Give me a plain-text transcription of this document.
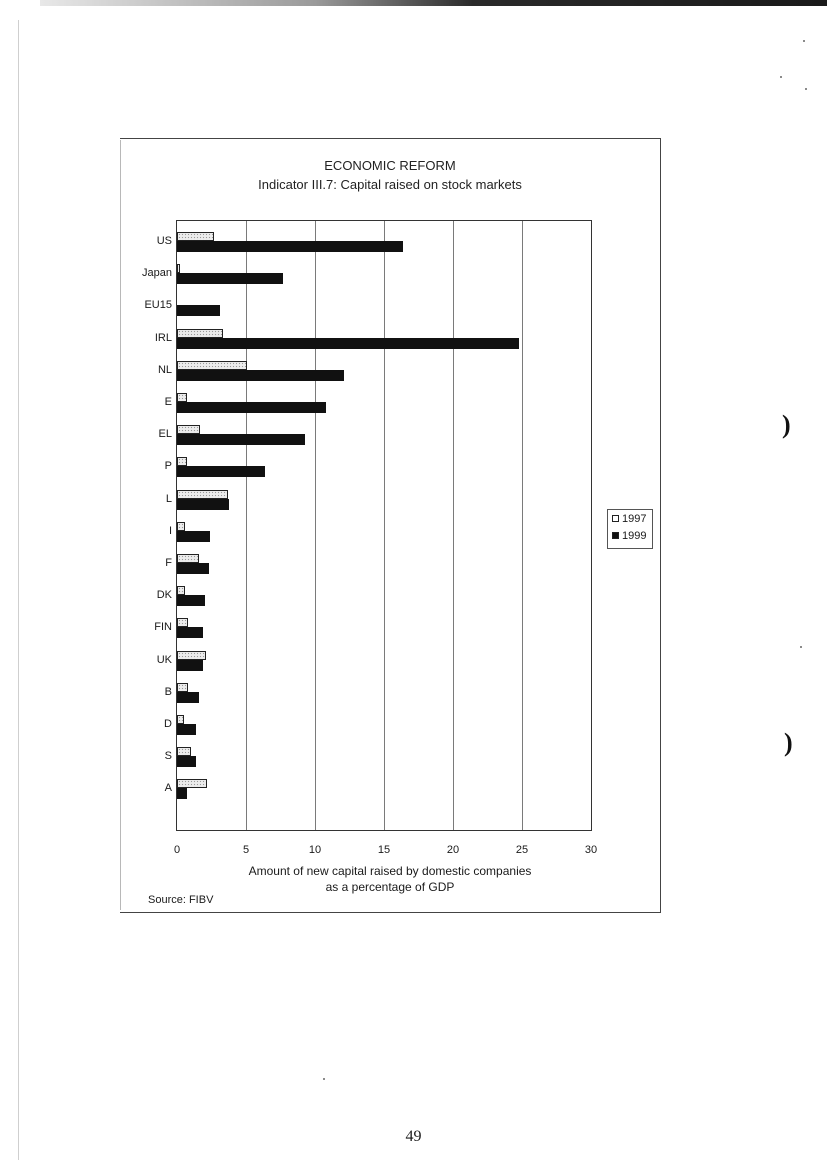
ECONOMIC REFORM
Indicator III.7: Capital raised on stock markets
US
Japan
EU15
IRL
NL
E
EL
P
L
I
F
DK
FIN
UK
B
D
S
A
0	5	10	15	20	25	30
1997
1999
Amount of new capital raised by domestic companies
as a percentage of GDP
Source: FIBV
49
)
)
